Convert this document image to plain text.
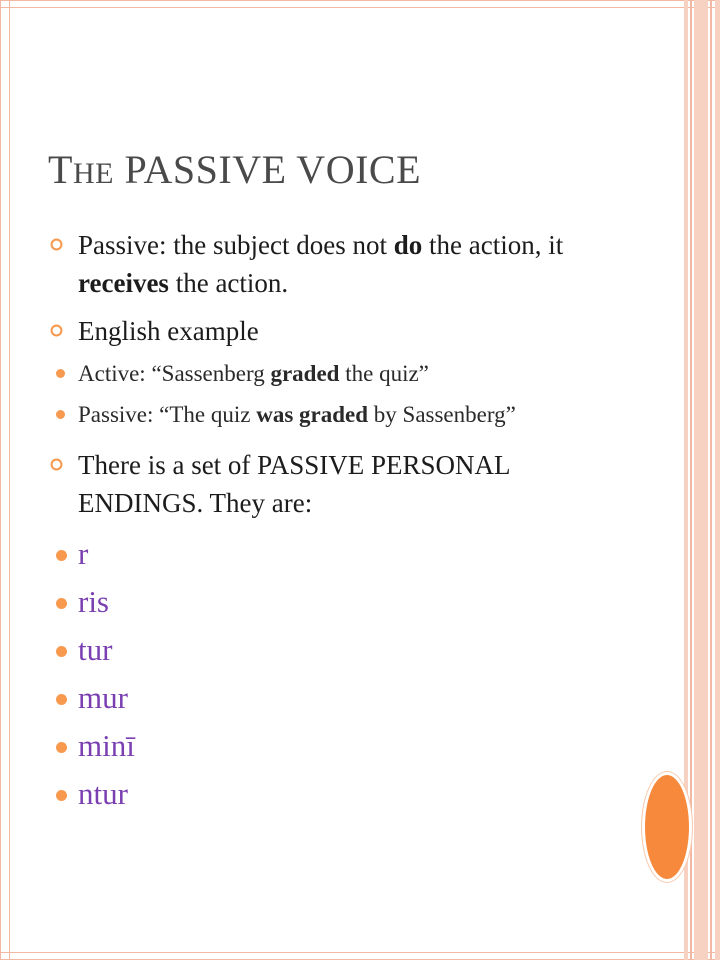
THE PASSIVE VOICE
Passive: the subject does not do the action, it receives the action.
English example
Active: “Sassenberg graded the quiz”
Passive: “The quiz was graded by Sassenberg”
There is a set of PASSIVE PERSONAL ENDINGS. They are:
r
ris
tur
mur
minī
ntur
